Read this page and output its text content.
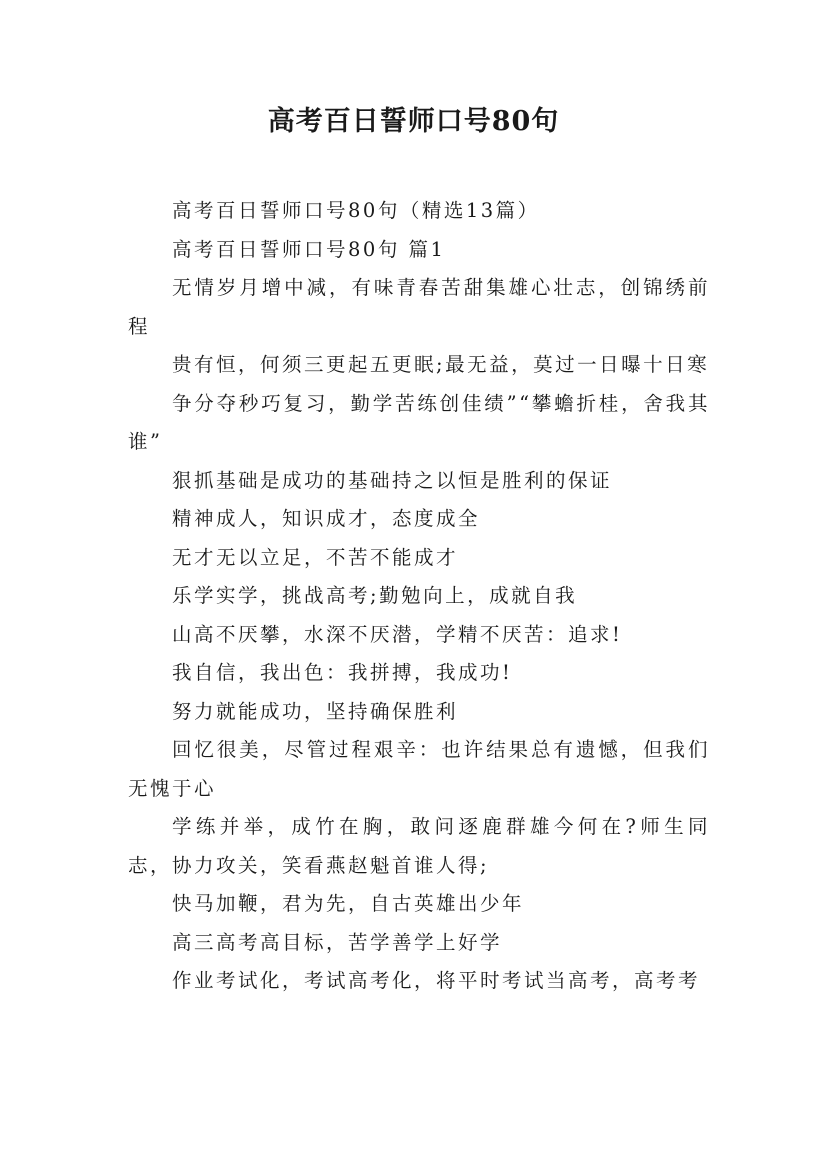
高考百日誓师口号80句

高考百日誓师口号80句（精选13篇）

高考百日誓师口号80句 篇1

无情岁月增中减，有味青春苦甜集雄心壮志，创锦绣前程

贵有恒，何须三更起五更眠;最无益，莫过一日曝十日寒

争分夺秒巧复习，勤学苦练创佳绩”“攀蟾折桂，舍我其谁”

狠抓基础是成功的基础持之以恒是胜利的保证

精神成人，知识成才，态度成全

无才无以立足，不苦不能成才

乐学实学，挑战高考;勤勉向上，成就自我

山高不厌攀，水深不厌潜，学精不厌苦：追求!

我自信，我出色：我拼搏，我成功!

努力就能成功，坚持确保胜利

回忆很美，尽管过程艰辛：也许结果总有遗憾，但我们无愧于心

学练并举，成竹在胸，敢问逐鹿群雄今何在?师生同志，协力攻关，笑看燕赵魁首谁人得;

快马加鞭，君为先，自古英雄出少年

高三高考高目标，苦学善学上好学

作业考试化，考试高考化，将平时考试当高考，高考考
